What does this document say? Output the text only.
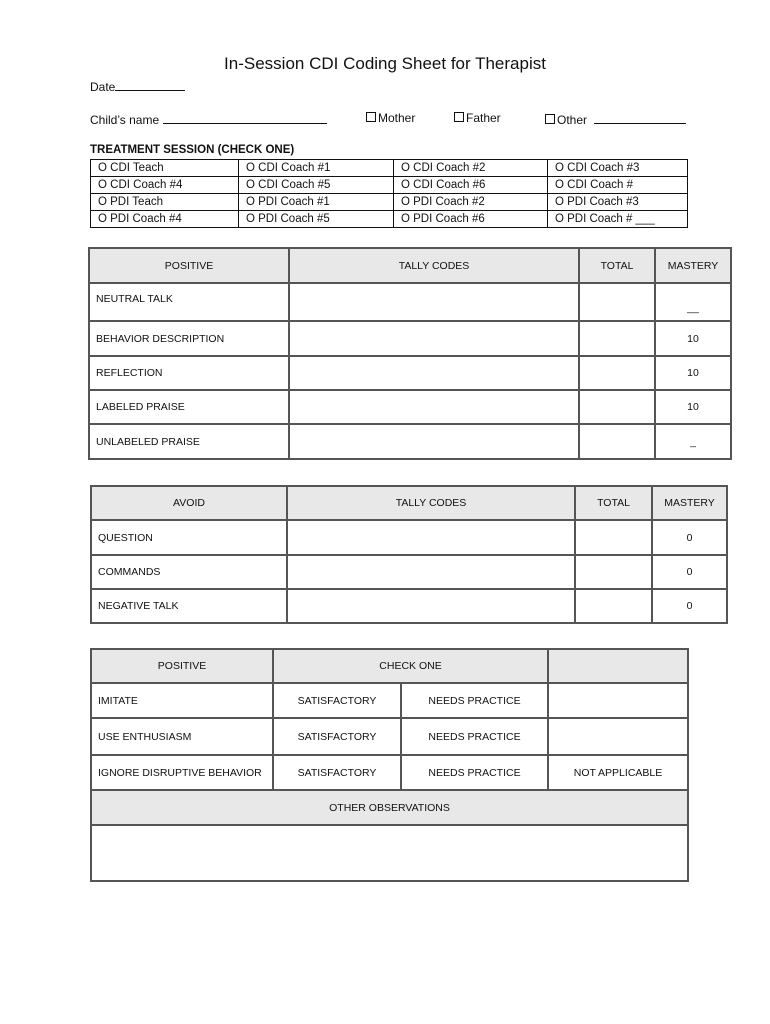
In-Session CDI Coding Sheet for Therapist
Date
Child’s name	Mother	Father	Other
TREATMENT SESSION (CHECK ONE)
O CDI Teach	O CDI Coach #1	O CDI Coach #2	O CDI Coach #3
O CDI Coach #4	O CDI Coach #5	O CDI Coach #6	O CDI Coach #
O PDI Teach	O PDI Coach #1	O PDI Coach #2	O PDI Coach #3
O PDI Coach #4	O PDI Coach #5	O PDI Coach #6	O PDI Coach # ___
POSITIVE	TALLY CODES	TOTAL	MASTERY
NEUTRAL TALK			__
BEHAVIOR DESCRIPTION			10
REFLECTION			10
LABELED PRAISE			10
UNLABELED PRAISE			_
AVOID	TALLY CODES	TOTAL	MASTERY
QUESTION			0
COMMANDS			0
NEGATIVE TALK			0
POSITIVE	CHECK ONE		
IMITATE	SATISFACTORY	NEEDS PRACTICE	
USE ENTHUSIASM	SATISFACTORY	NEEDS PRACTICE	
IGNORE DISRUPTIVE BEHAVIOR	SATISFACTORY	NEEDS PRACTICE	NOT APPLICABLE
OTHER OBSERVATIONS			
